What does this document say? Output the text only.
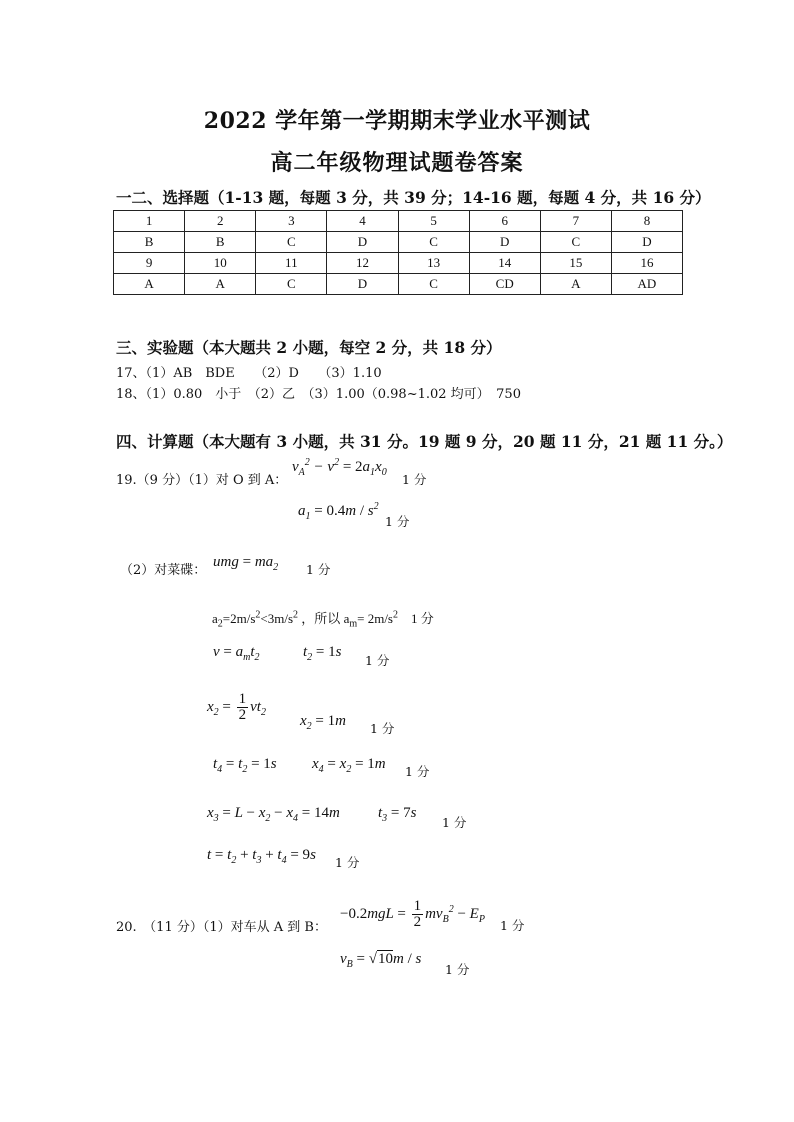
2022 学年第一学期期末学业水平测试
高二年级物理试题卷答案
一二、选择题（1-13 题，每题 3 分，共 39 分；14-16 题，每题 4 分，共 16 分）
1	2	3	4	5	6	7	8
B	B	C	D	C	D	C	D
9	10	11	12	13	14	15	16
A	A	C	D	C	CD	A	AD
三、实验题（本大题共 2 小题，每空 2 分，共 18 分）
17、（1）AB　BDE　　（2）D　　（3）1.10
18、（1）0.80　小于　（2）乙　（3）1.00（0.98~1.02 均可）　750
四、计算题（本大题有 3 小题，共 31 分。19 题 9 分，20 题 11 分，21 题 11 分。）
19.（9 分）（1）对 O 到 A：
$v_A^2 - v^2 = 2a_1x_0$ 1 分
$a_1 = 0.4m / s^2$
1 分
（2）对菜碟：
umg = $ma_2$ 1 分
$a_2=2m/s^2<3m/s^2$ ，所以 $a_m= 2m/s^2$　 1 分
$v = a_mt_2$	$t_2 = 1s$
1 分
$x_2 = \frac{1}{2} vt_2$
$x_2 = 1m$ 1 分
$t_4 = t_2 = 1s$ $x_4 = x_2 = 1m$ 1 分
$x_3 = L - x_2 - x_4 = 14m$	$t_3 = 7s$
1 分
$t = t_2 + t_3 + t_4 = 9s$ 1 分
20.　（11 分）（1）对车从 A 到 B：
$-0.2mgL = \frac{1}{2} mv_B^2 - E_P$ 1 分
$v_B = √10m / s$
1 分
